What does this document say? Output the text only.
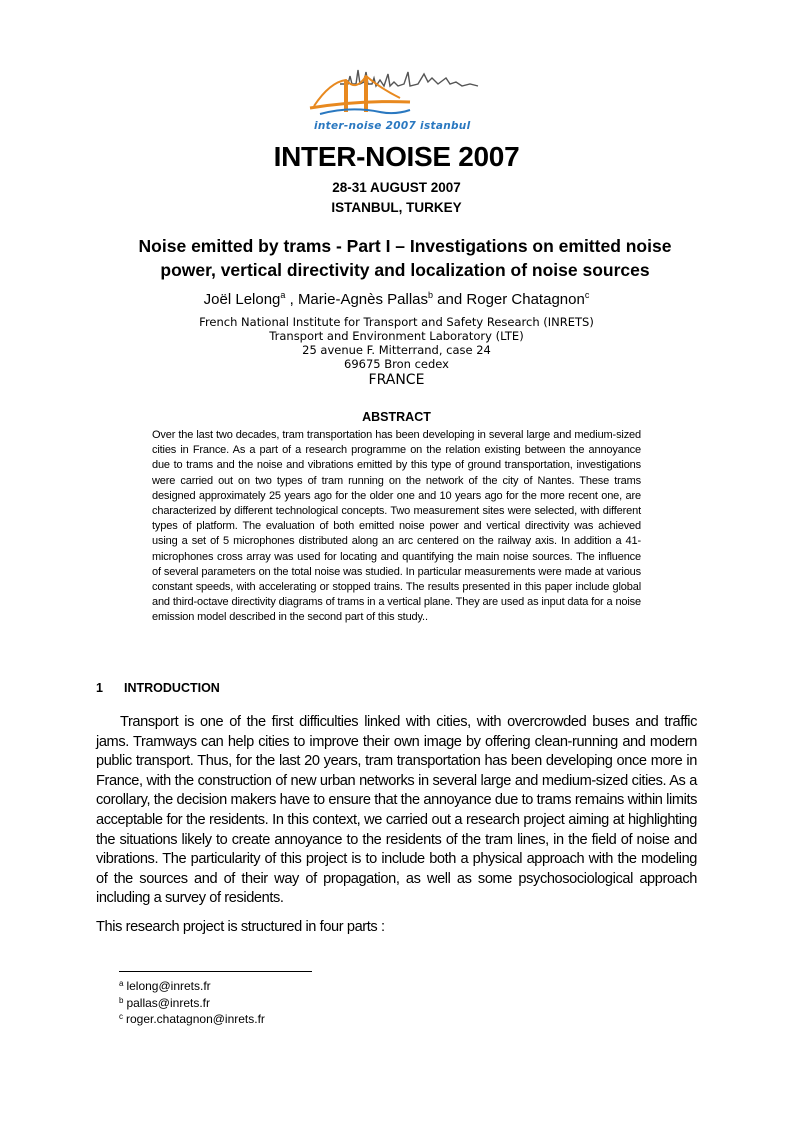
inter-noise 2007 istanbul
INTER-NOISE 2007
28-31 AUGUST 2007
ISTANBUL, TURKEY
Noise emitted by trams - Part I – Investigations on emitted noise
power, vertical directivity and localization of noise sources
Joël Lelong$^a$ , Marie-Agnès Pallas$^b$ and Roger Chatagnon$^c$
French National Institute for Transport and Safety Research (INRETS)
Transport and Environment Laboratory (LTE)
25 avenue F. Mitterrand, case 24
69675 Bron cedex
FRANCE
ABSTRACT
Over the last two decades, tram transportation has been developing in several large and medium-sized cities in France. As a part of a research programme on the relation existing between the annoyance due to trams and the noise and vibrations emitted by this type of ground transportation, investigations were carried out on two types of tram running on the network of the city of Nantes. These trams designed approximately 25 years ago for the older one and 10 years ago for the more recent one, are characterized by different technological concepts. Two measurement sites were selected, with different types of platform. The evaluation of both emitted noise power and vertical directivity was achieved using a set of 5 microphones distributed along an arc centered on the railway axis. In addition a 41-microphones cross array was used for locating and quantifying the main noise sources. The influence of several parameters on the total noise was studied. In particular measurements were made at various constant speeds, with accelerating or stopped trains. The results presented in this paper include global and third-octave directivity diagrams of trams in a vertical plane. They are used as input data for a noise emission model described in the second part of this study..
1 INTRODUCTION

Transport is one of the first difficulties linked with cities, with overcrowded buses and traffic jams. Tramways can help cities to improve their own image by offering clean-running and modern public transport. Thus, for the last 20 years, tram transportation has been developing once more in France, with the construction of new urban networks in several large and medium-sized cities. As a corollary, the decision makers have to ensure that the annoyance due to trams remains within limits acceptable for the residents. In this context, we carried out a research project aiming at highlighting the situations likely to create annoyance to the residents of the tram lines, in the field of noise and vibrations. The particularity of this project is to include both a physical approach with the modeling of the sources and of their way of propagation, as well as some psychosociological approach including a survey of residents.

This research project is structured in four parts :

$^a$ lelong@inrets.fr
$^b$ pallas@inrets.fr
$^c$ roger.chatagnon@inrets.fr
